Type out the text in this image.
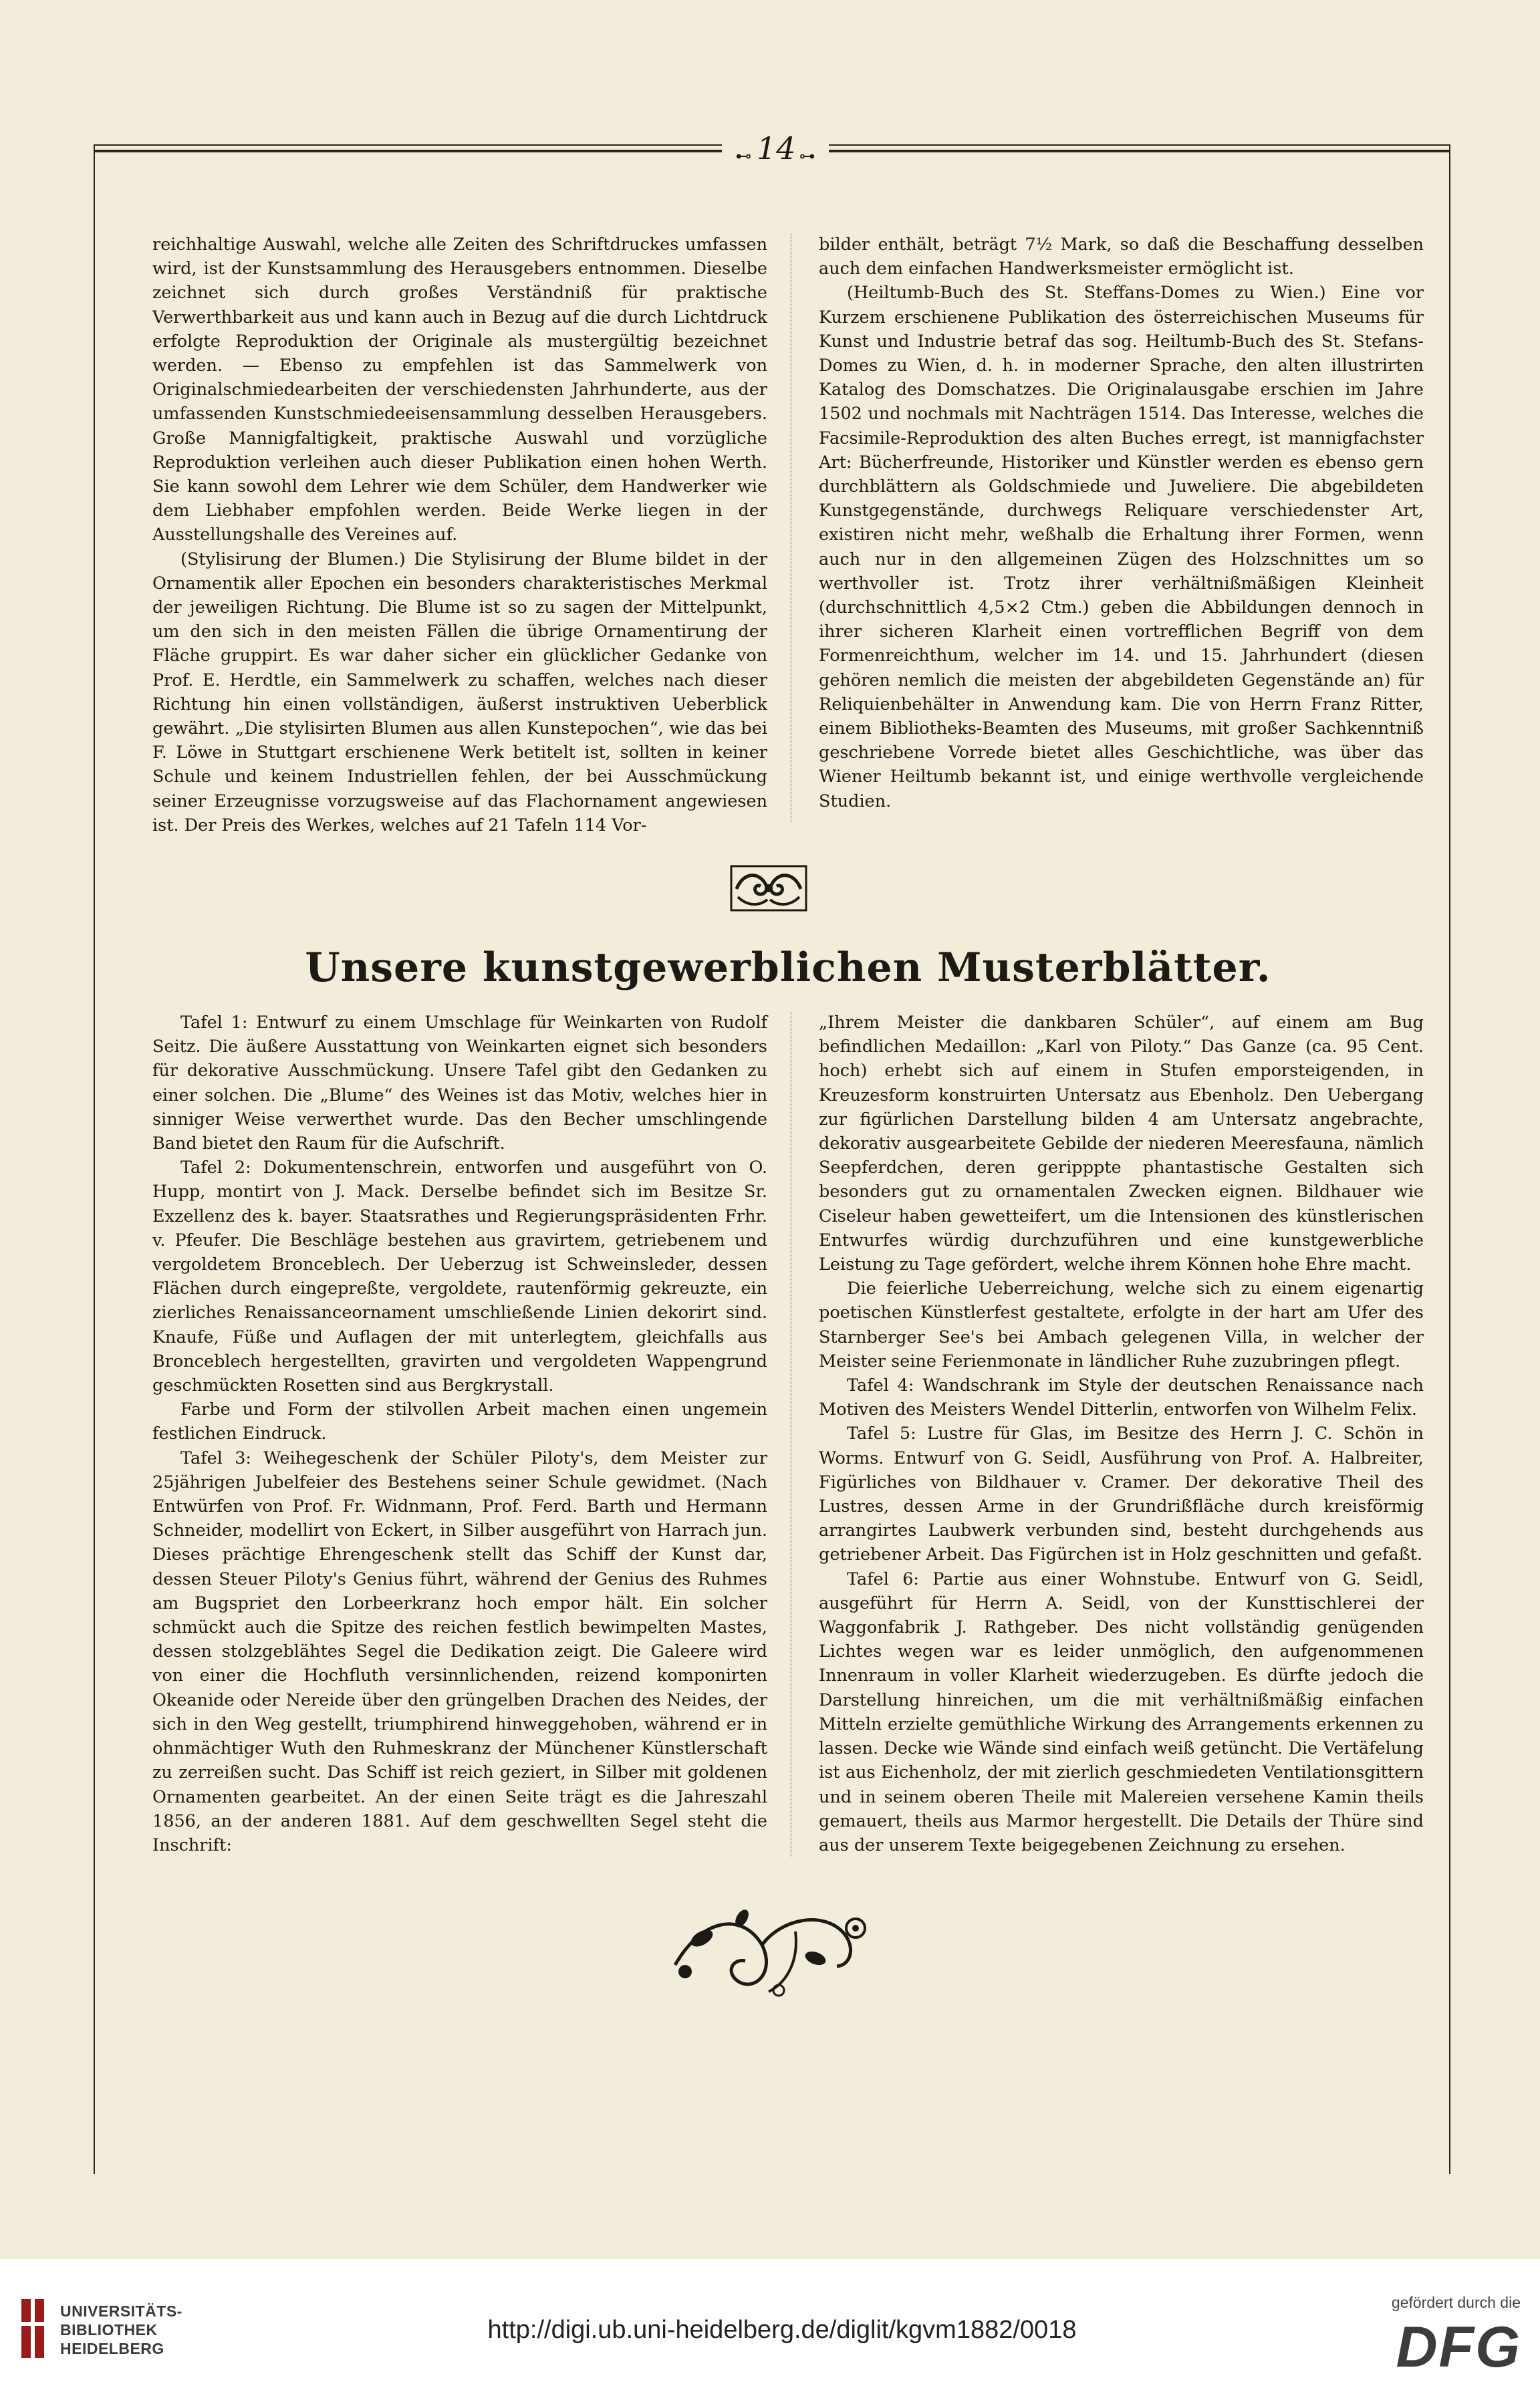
⊷ 14 ⊶

reichhaltige Auswahl, welche alle Zeiten des Schriftdruckes umfassen wird, ist der Kunstsammlung des Herausgebers entnommen. Dieselbe zeichnet sich durch großes Verständniß für praktische Verwerthbarkeit aus und kann auch in Bezug auf die durch Lichtdruck erfolgte Reproduktion der Originale als mustergültig bezeichnet werden. — Ebenso zu empfehlen ist das Sammelwerk von Originalschmiedearbeiten der verschiedensten Jahrhunderte, aus der umfassenden Kunstschmiedeeisensammlung desselben Herausgebers. Große Mannigfaltigkeit, praktische Auswahl und vorzügliche Reproduktion verleihen auch dieser Publikation einen hohen Werth. Sie kann sowohl dem Lehrer wie dem Schüler, dem Handwerker wie dem Liebhaber empfohlen werden. Beide Werke liegen in der Ausstellungshalle des Vereines auf.

(Stylisirung der Blumen.) Die Stylisirung der Blume bildet in der Ornamentik aller Epochen ein besonders charakteristisches Merkmal der jeweiligen Richtung. Die Blume ist so zu sagen der Mittelpunkt, um den sich in den meisten Fällen die übrige Ornamentirung der Fläche gruppirt. Es war daher sicher ein glücklicher Gedanke von Prof. E. Herdtle, ein Sammelwerk zu schaffen, welches nach dieser Richtung hin einen vollständigen, äußerst instruktiven Ueberblick gewährt. „Die stylisirten Blumen aus allen Kunstepochen“, wie das bei F. Löwe in Stuttgart erschienene Werk betitelt ist, sollten in keiner Schule und keinem Industriellen fehlen, der bei Ausschmückung seiner Erzeugnisse vorzugsweise auf das Flachornament angewiesen ist. Der Preis des Werkes, welches auf 21 Tafeln 114 Vor-

bilder enthält, beträgt 7½ Mark, so daß die Beschaffung desselben auch dem einfachen Handwerksmeister ermöglicht ist.

(Heiltumb-Buch des St. Steffans-Domes zu Wien.) Eine vor Kurzem erschienene Publikation des österreichischen Museums für Kunst und Industrie betraf das sog. Heiltumb-Buch des St. Stefans-Domes zu Wien, d. h. in moderner Sprache, den alten illustrirten Katalog des Domschatzes. Die Originalausgabe erschien im Jahre 1502 und nochmals mit Nachträgen 1514. Das Interesse, welches die Facsimile-Reproduktion des alten Buches erregt, ist mannigfachster Art: Bücherfreunde, Historiker und Künstler werden es ebenso gern durchblättern als Goldschmiede und Juweliere. Die abgebildeten Kunstgegenstände, durchwegs Reliquare verschiedenster Art, existiren nicht mehr, weßhalb die Erhaltung ihrer Formen, wenn auch nur in den allgemeinen Zügen des Holzschnittes um so werthvoller ist. Trotz ihrer verhältnißmäßigen Kleinheit (durchschnittlich 4,5×2 Ctm.) geben die Abbildungen dennoch in ihrer sicheren Klarheit einen vortrefflichen Begriff von dem Formenreichthum, welcher im 14. und 15. Jahrhundert (diesen gehören nemlich die meisten der abgebildeten Gegenstände an) für Reliquienbehälter in Anwendung kam. Die von Herrn Franz Ritter, einem Bibliotheks-Beamten des Museums, mit großer Sachkenntniß geschriebene Vorrede bietet alles Geschichtliche, was über das Wiener Heiltumb bekannt ist, und einige werthvolle vergleichende Studien.

Unsere kunstgewerblichen Musterblätter.

Tafel 1: Entwurf zu einem Umschlage für Weinkarten von Rudolf Seitz. Die äußere Ausstattung von Weinkarten eignet sich besonders für dekorative Ausschmückung. Unsere Tafel gibt den Gedanken zu einer solchen. Die „Blume“ des Weines ist das Motiv, welches hier in sinniger Weise verwerthet wurde. Das den Becher umschlingende Band bietet den Raum für die Aufschrift.

Tafel 2: Dokumentenschrein, entworfen und ausgeführt von O. Hupp, montirt von J. Mack. Derselbe befindet sich im Besitze Sr. Exzellenz des k. bayer. Staatsrathes und Regierungspräsidenten Frhr. v. Pfeufer. Die Beschläge bestehen aus gravirtem, getriebenem und vergoldetem Bronceblech. Der Ueberzug ist Schweinsleder, dessen Flächen durch eingepreßte, vergoldete, rautenförmig gekreuzte, ein zierliches Renaissanceornament umschließende Linien dekorirt sind. Knaufe, Füße und Auflagen der mit unterlegtem, gleichfalls aus Bronceblech hergestellten, gravirten und vergoldeten Wappengrund geschmückten Rosetten sind aus Bergkrystall.

Farbe und Form der stilvollen Arbeit machen einen ungemein festlichen Eindruck.

Tafel 3: Weihegeschenk der Schüler Piloty's, dem Meister zur 25jährigen Jubelfeier des Bestehens seiner Schule gewidmet. (Nach Entwürfen von Prof. Fr. Widnmann, Prof. Ferd. Barth und Hermann Schneider, modellirt von Eckert, in Silber ausgeführt von Harrach jun. Dieses prächtige Ehrengeschenk stellt das Schiff der Kunst dar, dessen Steuer Piloty's Genius führt, während der Genius des Ruhmes am Bugspriet den Lorbeerkranz hoch empor hält. Ein solcher schmückt auch die Spitze des reichen festlich bewimpelten Mastes, dessen stolzgeblähtes Segel die Dedikation zeigt. Die Galeere wird von einer die Hochfluth versinnlichenden, reizend komponirten Okeanide oder Nereide über den grüngelben Drachen des Neides, der sich in den Weg gestellt, triumphirend hinweggehoben, während er in ohnmächtiger Wuth den Ruhmeskranz der Münchener Künstlerschaft zu zerreißen sucht. Das Schiff ist reich geziert, in Silber mit goldenen Ornamenten gearbeitet. An der einen Seite trägt es die Jahreszahl 1856, an der anderen 1881. Auf dem geschwellten Segel steht die Inschrift:

„Ihrem Meister die dankbaren Schüler“, auf einem am Bug befindlichen Medaillon: „Karl von Piloty.“ Das Ganze (ca. 95 Cent. hoch) erhebt sich auf einem in Stufen emporsteigenden, in Kreuzesform konstruirten Untersatz aus Ebenholz. Den Uebergang zur figürlichen Darstellung bilden 4 am Untersatz angebrachte, dekorativ ausgearbeitete Gebilde der niederen Meeresfauna, nämlich Seepferdchen, deren geripppte phantastische Gestalten sich besonders gut zu ornamentalen Zwecken eignen. Bildhauer wie Ciseleur haben gewetteifert, um die Intensionen des künstlerischen Entwurfes würdig durchzuführen und eine kunstgewerbliche Leistung zu Tage gefördert, welche ihrem Können hohe Ehre macht.

Die feierliche Ueberreichung, welche sich zu einem eigenartig poetischen Künstlerfest gestaltete, erfolgte in der hart am Ufer des Starnberger See's bei Ambach gelegenen Villa, in welcher der Meister seine Ferienmonate in ländlicher Ruhe zuzubringen pflegt.

Tafel 4: Wandschrank im Style der deutschen Renaissance nach Motiven des Meisters Wendel Ditterlin, entworfen von Wilhelm Felix.

Tafel 5: Lustre für Glas, im Besitze des Herrn J. C. Schön in Worms. Entwurf von G. Seidl, Ausführung von Prof. A. Halbreiter, Figürliches von Bildhauer v. Cramer. Der dekorative Theil des Lustres, dessen Arme in der Grundrißfläche durch kreisförmig arrangirtes Laubwerk verbunden sind, besteht durchgehends aus getriebener Arbeit. Das Figürchen ist in Holz geschnitten und gefaßt.

Tafel 6: Partie aus einer Wohnstube. Entwurf von G. Seidl, ausgeführt für Herrn A. Seidl, von der Kunsttischlerei der Waggonfabrik J. Rathgeber. Des nicht vollständig genügenden Lichtes wegen war es leider unmöglich, den aufgenommenen Innenraum in voller Klarheit wiederzugeben. Es dürfte jedoch die Darstellung hinreichen, um die mit verhältnißmäßig einfachen Mitteln erzielte gemüthliche Wirkung des Arrangements erkennen zu lassen. Decke wie Wände sind einfach weiß getüncht. Die Vertäfelung ist aus Eichenholz, der mit zierlich geschmiedeten Ventilationsgittern und in seinem oberen Theile mit Malereien versehene Kamin theils gemauert, theils aus Marmor hergestellt. Die Details der Thüre sind aus der unserem Texte beigegebenen Zeichnung zu ersehen.

UNIVERSITÄTS-
BIBLIOTHEK
HEIDELBERG
http://digi.ub.uni-heidelberg.de/diglit/kgvm1882/0018
gefördert durch die
DFG
